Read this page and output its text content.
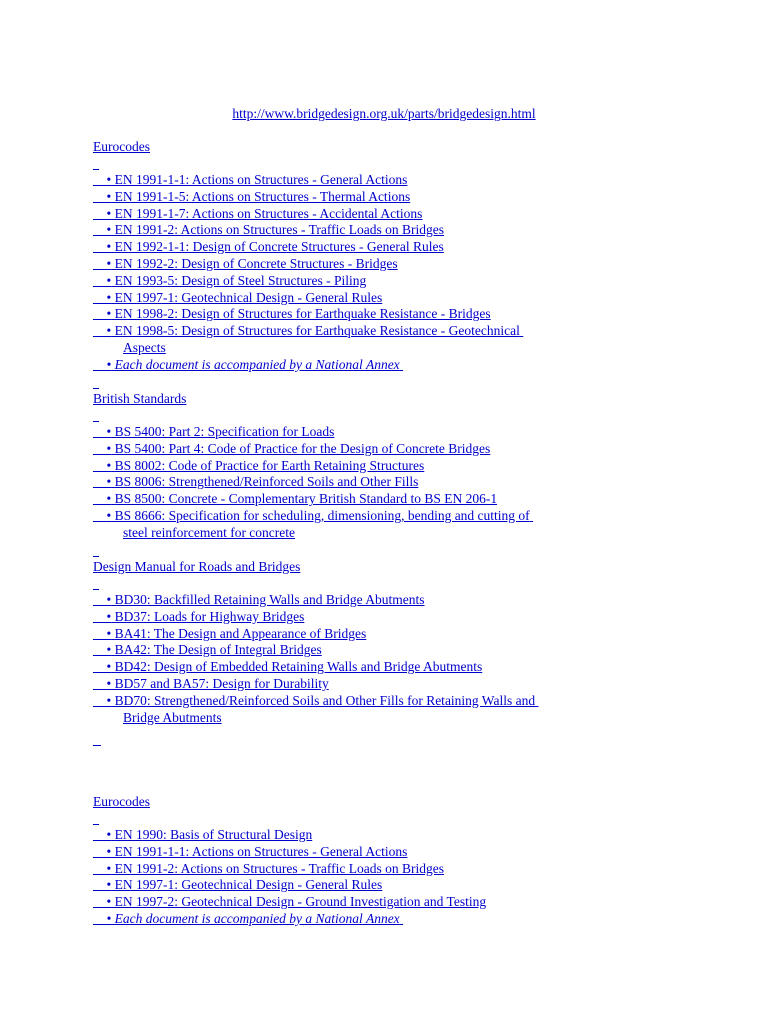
http://www.bridgedesign.org.uk/parts/bridgedesign.html
Eurocodes
• EN 1991-1-1: Actions on Structures - General Actions
• EN 1991-1-5: Actions on Structures - Thermal Actions
• EN 1991-1-7: Actions on Structures - Accidental Actions
• EN 1991-2: Actions on Structures - Traffic Loads on Bridges
• EN 1992-1-1: Design of Concrete Structures - General Rules
• EN 1992-2: Design of Concrete Structures - Bridges
• EN 1993-5: Design of Steel Structures - Piling
• EN 1997-1: Geotechnical Design - General Rules
• EN 1998-2: Design of Structures for Earthquake Resistance - Bridges
• EN 1998-5: Design of Structures for Earthquake Resistance - Geotechnical
Aspects
• Each document is accompanied by a National Annex
British Standards
• BS 5400: Part 2: Specification for Loads
• BS 5400: Part 4: Code of Practice for the Design of Concrete Bridges
• BS 8002: Code of Practice for Earth Retaining Structures
• BS 8006: Strengthened/Reinforced Soils and Other Fills
• BS 8500: Concrete - Complementary British Standard to BS EN 206-1
• BS 8666: Specification for scheduling, dimensioning, bending and cutting of
steel reinforcement for concrete
Design Manual for Roads and Bridges
• BD30: Backfilled Retaining Walls and Bridge Abutments
• BD37: Loads for Highway Bridges
• BA41: The Design and Appearance of Bridges
• BA42: The Design of Integral Bridges
• BD42: Design of Embedded Retaining Walls and Bridge Abutments
• BD57 and BA57: Design for Durability
• BD70: Strengthened/Reinforced Soils and Other Fills for Retaining Walls and
Bridge Abutments
Eurocodes
• EN 1990: Basis of Structural Design
• EN 1991-1-1: Actions on Structures - General Actions
• EN 1991-2: Actions on Structures - Traffic Loads on Bridges
• EN 1997-1: Geotechnical Design - General Rules
• EN 1997-2: Geotechnical Design - Ground Investigation and Testing
• Each document is accompanied by a National Annex
